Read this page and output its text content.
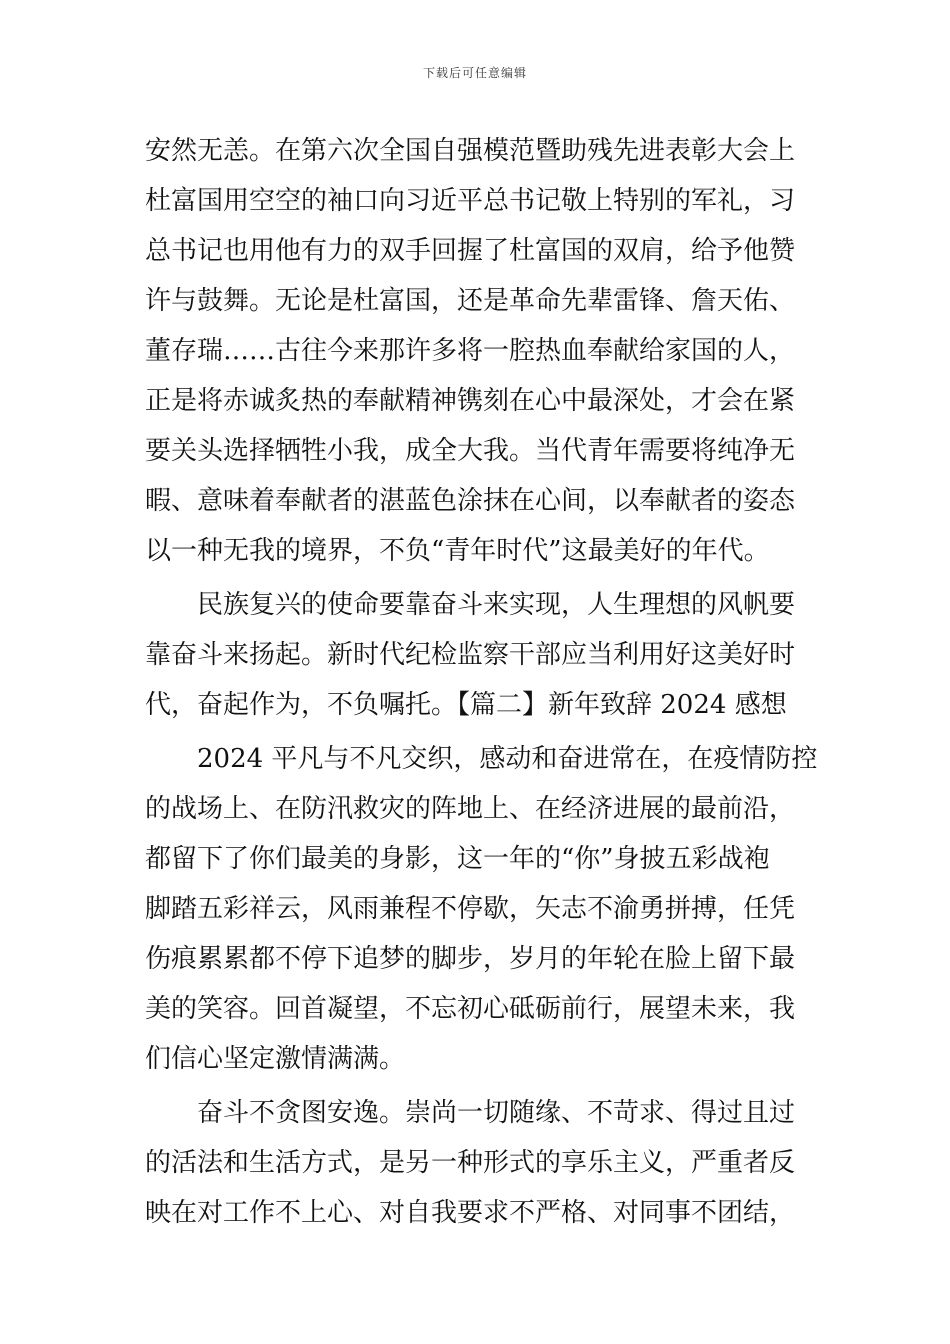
下载后可任意编辑
安然无恙。在第六次全国自强模范暨助残先进表彰大会上
杜富国用空空的袖口向习近平总书记敬上特别的军礼，习
总书记也用他有力的双手回握了杜富国的双肩，给予他赞
许与鼓舞。无论是杜富国，还是革命先辈雷锋、詹天佑、
董存瑞……古往今来那许多将一腔热血奉献给家国的人，
正是将赤诚炙热的奉献精神镌刻在心中最深处，才会在紧
要关头选择牺牲小我，成全大我。当代青年需要将纯净无
暇、意味着奉献者的湛蓝色涂抹在心间，以奉献者的姿态
以一种无我的境界，不负“青年时代”这最美好的年代。
　　民族复兴的使命要靠奋斗来实现，人生理想的风帆要
靠奋斗来扬起。新时代纪检监察干部应当利用好这美好时
代，奋起作为，不负嘱托。【篇二】新年致辞 2024 感想
　　2024 平凡与不凡交织，感动和奋进常在，在疫情防控
的战场上、在防汛救灾的阵地上、在经济进展的最前沿，
都留下了你们最美的身影，这一年的“你”身披五彩战袍
脚踏五彩祥云，风雨兼程不停歇，矢志不渝勇拼搏，任凭
伤痕累累都不停下追梦的脚步，岁月的年轮在脸上留下最
美的笑容。回首凝望，不忘初心砥砺前行，展望未来，我
们信心坚定激情满满。
　　奋斗不贪图安逸。崇尚一切随缘、不苛求、得过且过
的活法和生活方式，是另一种形式的享乐主义，严重者反
映在对工作不上心、对自我要求不严格、对同事不团结，
